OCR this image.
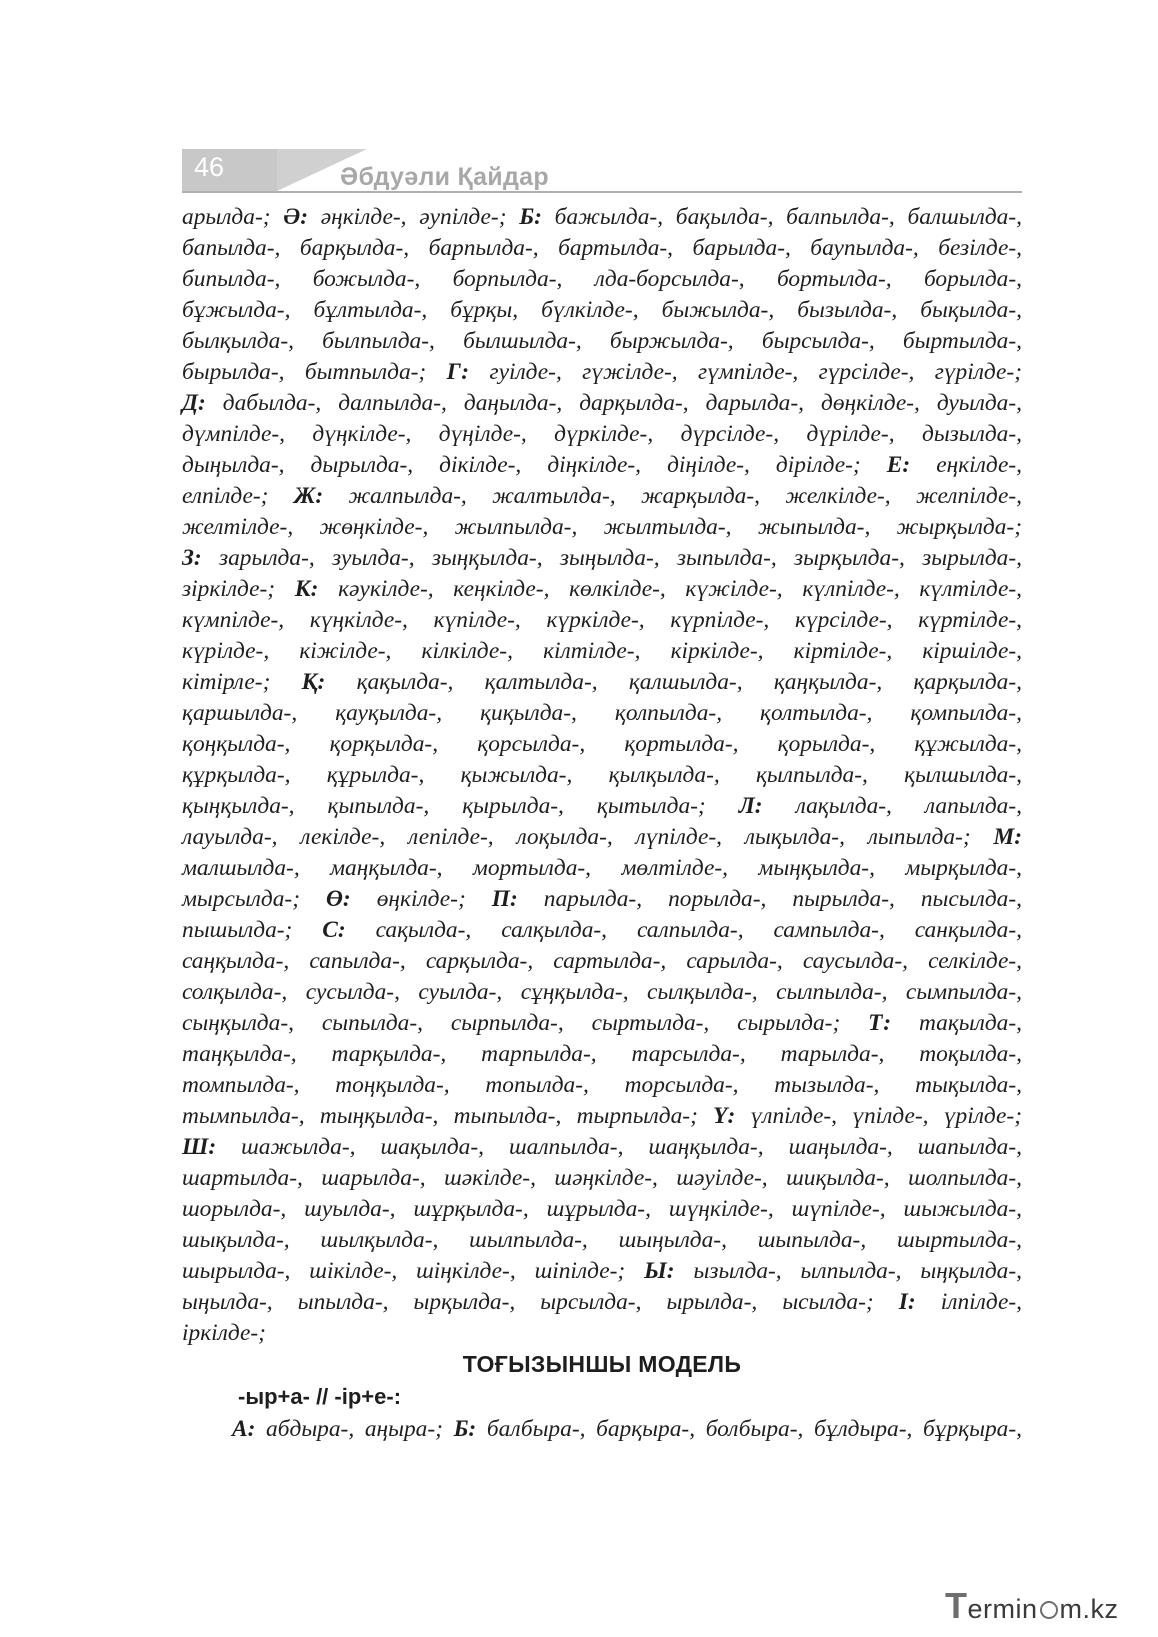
46	Әбдуәли Қайдар
арылда-; Ә: әңкілде-, әупілде-; Б: бажылда-, бақылда-, балпылда-, балшылда-,
бапылда-, барқылда-, барпылда-, бартылда-, барылда-, баупылда-, безілде-,
бипылда-, божылда-, борпылда-, лда-борсылда-, бортылда-, борылда-,
бұжылда-, бұлтылда-, бұрқы, бүлкілде-, быжылда-, бызылда-, бықылда-,
былқылда-, былпылда-, былшылда-, быржылда-, бырсылда-, быртылда-,
бырылда-, бытпылда-; Г: гуілде-, гүжілде-, гүмпілде-, гүрсілде-, гүрілде-;
Д: дабылда-, далпылда-, даңылда-, дарқылда-, дарылда-, дөңкілде-, дуылда-,
дүмпілде-, дүңкілде-, дүңілде-, дүркілде-, дүрсілде-, дүрілде-, дызылда-,
дыңылда-, дырылда-, дікілде-, діңкілде-, діңілде-, дірілде-; Е: еңкілде-,
елпілде-; Ж: жалпылда-, жалтылда-, жарқылда-, желкілде-, желпілде-,
желтілде-, жөңкілде-, жылпылда-, жылтылда-, жыпылда-, жырқылда-;
З: зарылда-, зуылда-, зыңқылда-, зыңылда-, зыпылда-, зырқылда-, зырылда-,
зіркілде-; К: кәукілде-, кеңкілде-, көлкілде-, күжілде-, күлпілде-, күлтілде-,
күмпілде-, күңкілде-, күпілде-, күркілде-, күрпілде-, күрсілде-, күртілде-,
күрілде-, кіжілде-, кілкілде-, кілтілде-, кіркілде-, кіртілде-, кіршілде-,
кітірле-; Қ: қақылда-, қалтылда-, қалшылда-, қаңқылда-, қарқылда-,
қаршылда-, қауқылда-, қиқылда-, қолпылда-, қолтылда-, қомпылда-,
қоңқылда-, қорқылда-, қорсылда-, қортылда-, қорылда-, құжылда-,
құрқылда-, құрылда-, қыжылда-, қылқылда-, қылпылда-, қылшылда-,
қыңқылда-, қыпылда-, қырылда-, қытылда-; Л: лақылда-, лапылда-,
лауылда-, лекілде-, лепілде-, лоқылда-, лүпілде-, лықылда-, лыпылда-; М:
малшылда-, маңқылда-, мортылда-, мөлтілде-, мыңқылда-, мырқылда-,
мырсылда-; Ө: өңкілде-; П: парылда-, порылда-, пырылда-, пысылда-,
пышылда-; С: сақылда-, салқылда-, салпылда-, сампылда-, санқылда-,
саңқылда-, сапылда-, сарқылда-, сартылда-, сарылда-, саусылда-, селкілде-,
солқылда-, сусылда-, суылда-, сұңқылда-, сылқылда-, сылпылда-, сымпылда-,
сыңқылда-, сыпылда-, сырпылда-, сыртылда-, сырылда-; Т: тақылда-,
таңқылда-, тарқылда-, тарпылда-, тарсылда-, тарылда-, тоқылда-,
томпылда-, тоңқылда-, топылда-, торсылда-, тызылда-, тықылда-,
тымпылда-, тыңқылда-, тыпылда-, тырпылда-; Ү: үлпілде-, үпілде-, үрілде-;
Ш: шажылда-, шақылда-, шалпылда-, шаңқылда-, шаңылда-, шапылда-,
шартылда-, шарылда-, шәкілде-, шәңкілде-, шәуілде-, шиқылда-, шолпылда-,
шорылда-, шуылда-, шұрқылда-, шұрылда-, шүңкілде-, шүпілде-, шыжылда-,
шықылда-, шылқылда-, шылпылда-, шыңылда-, шыпылда-, шыртылда-,
шырылда-, шікілде-, шіңкілде-, шіпілде-; Ы: ызылда-, ылпылда-, ыңқылда-,
ыңылда-, ыпылда-, ырқылда-, ырсылда-, ырылда-, ысылда-; І: ілпілде-,
іркілде-;
ТОҒЫЗЫНШЫ МОДЕЛЬ
-ыр+а- // -ір+е-:
А: абдыра-, аңыра-; Б: балбыра-, барқыра-, болбыра-, бұлдыра-, бұрқыра-,
Termin m.kz
